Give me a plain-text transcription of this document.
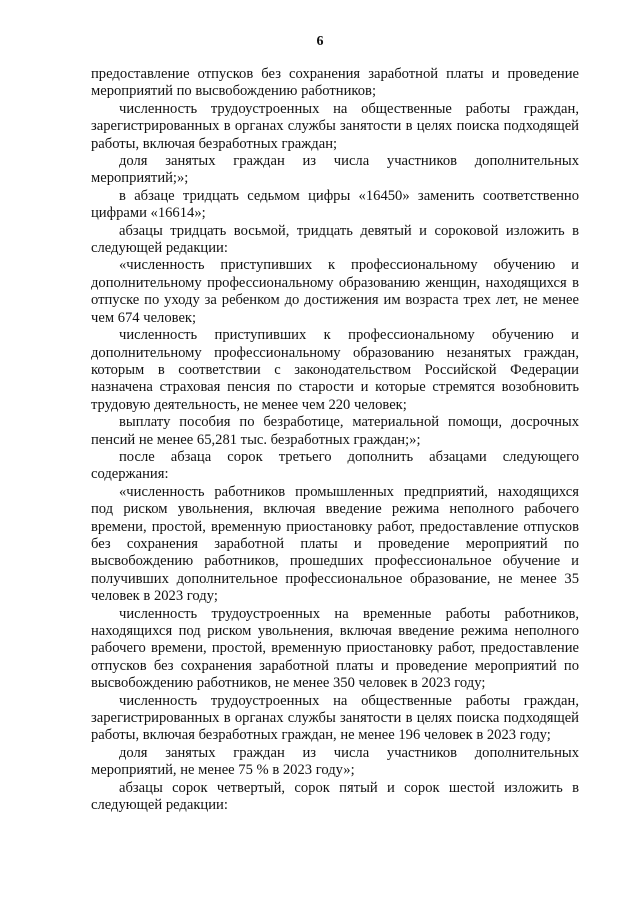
6

предоставление отпусков без сохранения заработной платы и проведение мероприятий по высвобождению работников;

численность трудоустроенных на общественные работы граждан, зарегистрированных в органах службы занятости в целях поиска подходящей работы, включая безработных граждан;

доля занятых граждан из числа участников дополнительных мероприятий;»;

в абзаце тридцать седьмом цифры «16450» заменить соответственно цифрами «16614»;

абзацы тридцать восьмой, тридцать девятый и сороковой изложить в следующей редакции:

«численность приступивших к профессиональному обучению и дополнительному профессиональному образованию женщин, находящихся в отпуске по уходу за ребенком до достижения им возраста трех лет, не менее чем 674 человек;

численность приступивших к профессиональному обучению и дополнительному профессиональному образованию незанятых граждан, которым в соответствии с законодательством Российской Федерации назначена страховая пенсия по старости и которые стремятся возобновить трудовую деятельность, не менее чем 220 человек;

выплату пособия по безработице, материальной помощи, досрочных пенсий не менее 65,281 тыс. безработных граждан;»;

после абзаца сорок третьего дополнить абзацами следующего содержания:

«численность работников промышленных предприятий, находящихся под риском увольнения, включая введение режима неполного рабочего времени, простой, временную приостановку работ, предоставление отпусков без сохранения заработной платы и проведение мероприятий по высвобождению работников, прошедших профессиональное обучение и получивших дополнительное профессиональное образование, не менее 35 человек в 2023 году;

численность трудоустроенных на временные работы работников, находящихся под риском увольнения, включая введение режима неполного рабочего времени, простой, временную приостановку работ, предоставление отпусков без сохранения заработной платы и проведение мероприятий по высвобождению работников, не менее 350 человек в 2023 году;

численность трудоустроенных на общественные работы граждан, зарегистрированных в органах службы занятости в целях поиска подходящей работы, включая безработных граждан, не менее 196 человек в 2023 году;

доля занятых граждан из числа участников дополнительных мероприятий, не менее 75 % в 2023 году»;

абзацы сорок четвертый, сорок пятый и сорок шестой изложить в следующей редакции:
